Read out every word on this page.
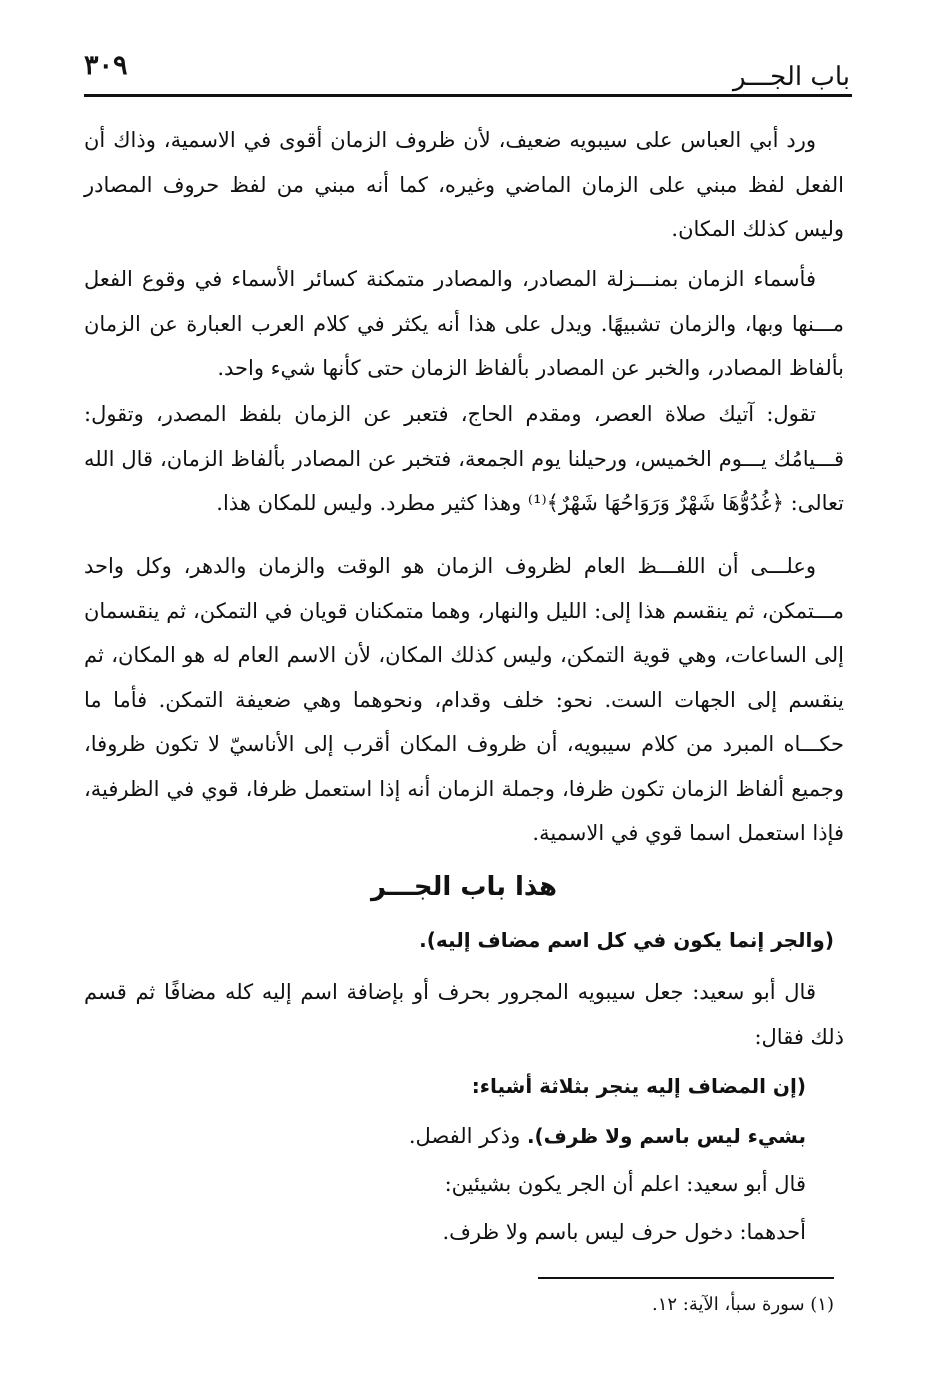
٣٠٩	باب الجـــر

ورد أبي العباس على سيبويه ضعيف، لأن ظروف الزمان أقوى في الاسمية، وذاك أن الفعل لفظ مبني على الزمان الماضي وغيره، كما أنه مبني من لفظ حروف المصادر وليس كذلك المكان.

فأسماء الزمان بمنـــزلة المصادر، والمصادر متمكنة كسائر الأسماء في وقوع الفعل مـــنها وبها، والزمان تشبيهًا. ويدل على هذا أنه يكثر في كلام العرب العبارة عن الزمان بألفاظ المصادر، والخبر عن المصادر بألفاظ الزمان حتى كأنها شيء واحد.

تقول: آتيك صلاة العصر، ومقدم الحاج، فتعبر عن الزمان بلفظ المصدر، وتقول: قـــيامُك يـــوم الخميس، ورحيلنا يوم الجمعة، فتخبر عن المصادر بألفاظ الزمان، قال الله تعالى: ﴿غُدُوُّهَا شَهْرٌ وَرَوَاحُهَا شَهْرٌ﴾⁽¹⁾ وهذا كثير مطرد. وليس للمكان هذا.

وعلـــى أن اللفـــظ العام لظروف الزمان هو الوقت والزمان والدهر، وكل واحد مـــتمكن، ثم ينقسم هذا إلى: الليل والنهار، وهما متمكنان قويان في التمكن، ثم ينقسمان إلى الساعات، وهي قوية التمكن، وليس كذلك المكان، لأن الاسم العام له هو المكان، ثم ينقسم إلى الجهات الست. نحو: خلف وقدام، ونحوهما وهي ضعيفة التمكن. فأما ما حكـــاه المبرد من كلام سيبويه، أن ظروف المكان أقرب إلى الأناسيّ لا تكون ظروفا، وجميع ألفاظ الزمان تكون ظرفا، وجملة الزمان أنه إذا استعمل ظرفا، قوي في الظرفية، فإذا استعمل اسما قوي في الاسمية.

هذا باب الجـــر
(والجر إنما يكون في كل اسم مضاف إليه).

قال أبو سعيد: جعل سيبويه المجرور بحرف أو بإضافة اسم إليه كله مضافًا ثم قسم ذلك فقال:

(إن المضاف إليه ينجر بثلاثة أشياء:
بشيء ليس باسم ولا ظرف). وذكر الفصل.
قال أبو سعيد: اعلم أن الجر يكون بشيئين:
أحدهما: دخول حرف ليس باسم ولا ظرف.
(١) سورة سبأ، الآية: ١٢.
